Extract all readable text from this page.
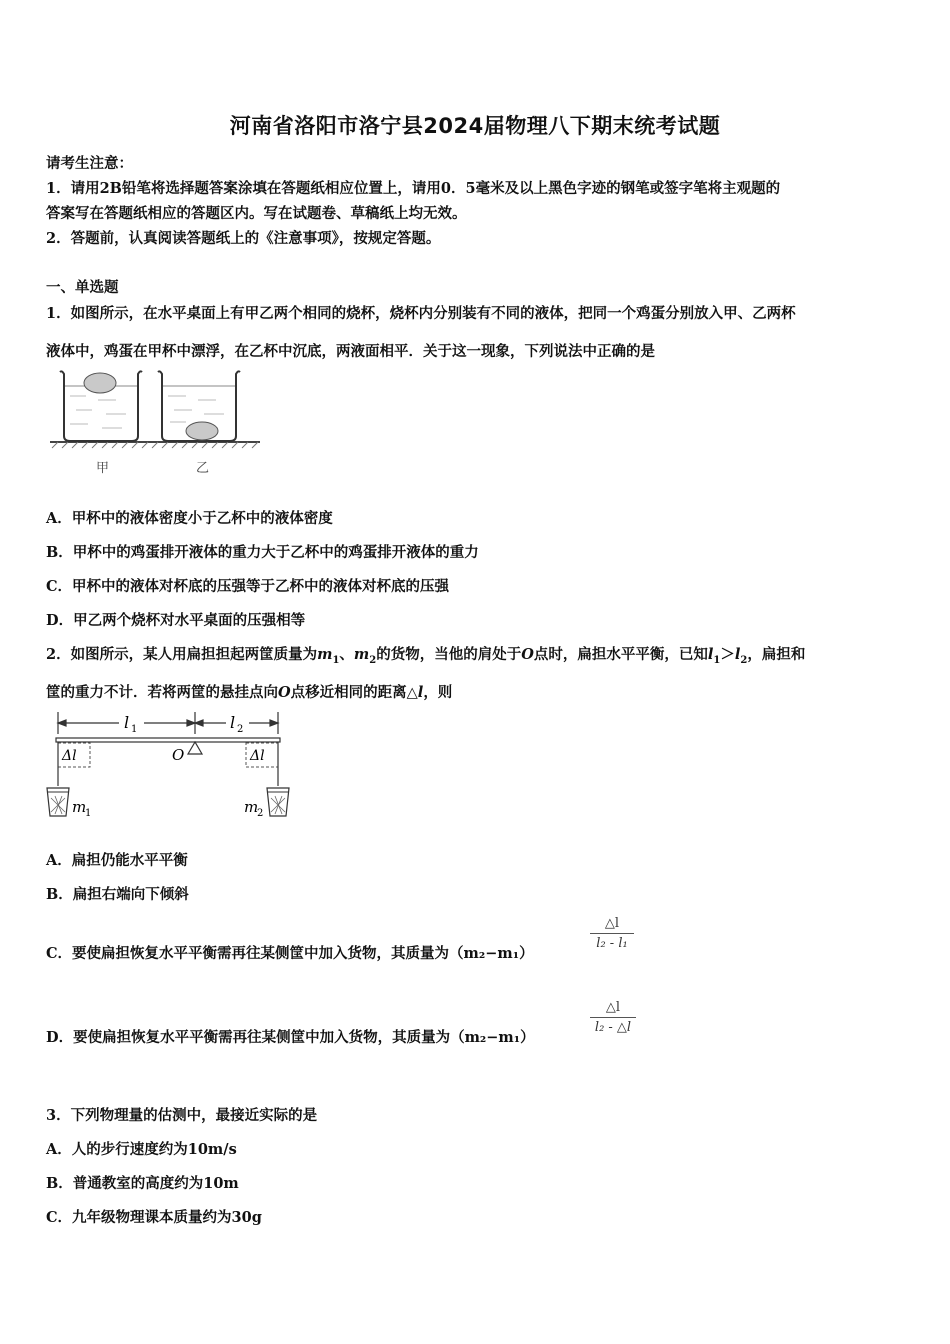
河南省洛阳市洛宁县2024届物理八下期末统考试题
请考生注意：
1．请用2B铅笔将选择题答案涂填在答题纸相应位置上，请用0．5毫米及以上黑色字迹的钢笔或签字笔将主观题的
答案写在答题纸相应的答题区内。写在试题卷、草稿纸上均无效。
2．答题前，认真阅读答题纸上的《注意事项》，按规定答题。
一、单选题
1．如图所示，在水平桌面上有甲乙两个相同的烧杯，烧杯内分别装有不同的液体，把同一个鸡蛋分别放入甲、乙两杯
液体中，鸡蛋在甲杯中漂浮，在乙杯中沉底，两液面相平．关于这一现象，下列说法中正确的是
甲	乙
A．甲杯中的液体密度小于乙杯中的液体密度
B．甲杯中的鸡蛋排开液体的重力大于乙杯中的鸡蛋排开液体的重力
C．甲杯中的液体对杯底的压强等于乙杯中的液体对杯底的压强
D．甲乙两个烧杯对水平桌面的压强相等
2．如图所示，某人用扁担担起两筐质量为$m_1$、$m_2$的货物，当他的肩处于O点时，扁担水平平衡，已知$l_1>l_2$，扁担和
筐的重力不计．若将两筐的悬挂点向O点移近相同的距离△l，则
l 1	l 2
O
Δl	Δl
m
1	m
2
A．扁担仍能水平平衡
B．扁担右端向下倾斜
C．要使扁担恢复水平平衡需再往某侧筐中加入货物，其质量为（m₂−m₁）
△l
l₂ - l₁
D．要使扁担恢复水平平衡需再往某侧筐中加入货物，其质量为（m₂−m₁）
△l
l₂ - △l
3．下列物理量的估测中，最接近实际的是
A．人的步行速度约为10m/s
B．普通教室的高度约为10m
C．九年级物理课本质量约为30g
